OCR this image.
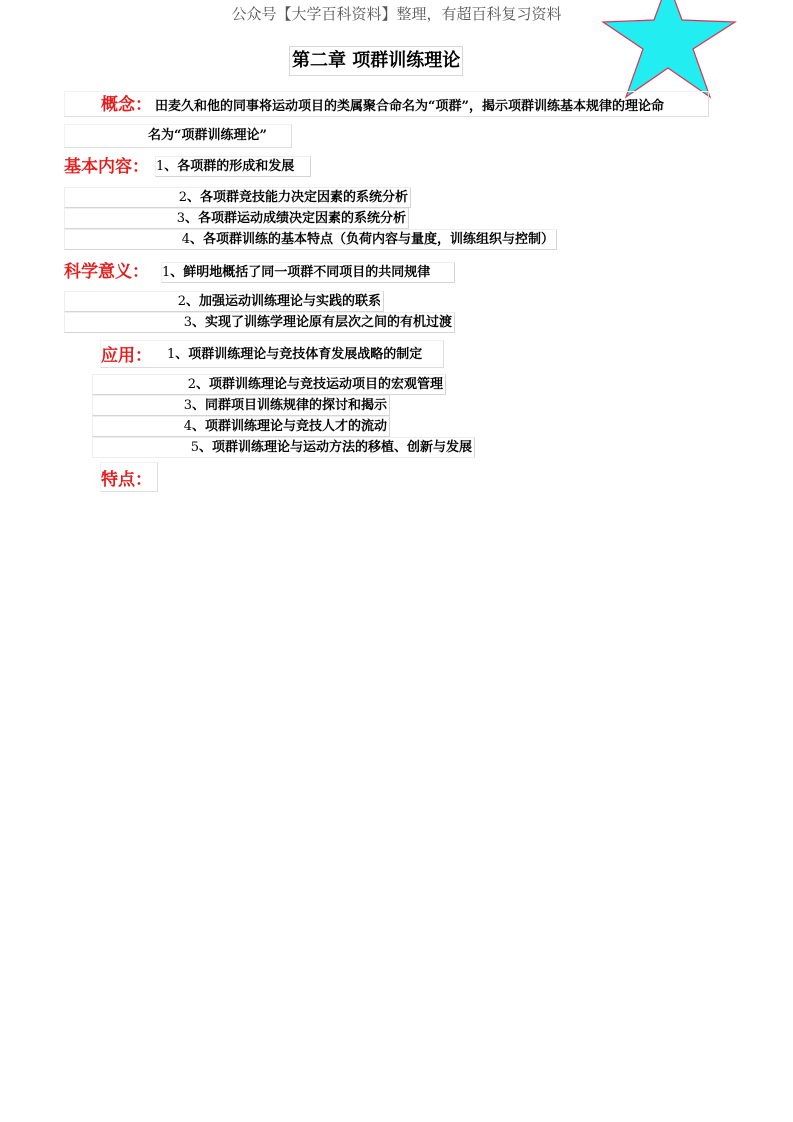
公众号【大学百科资料】整理，有超百科复习资料
第二章 项群训练理论
概念： 田麦久和他的同事将运动项目的类属聚合命名为“项群”，揭示项群训练基本规律的理论命
名为“项群训练理论”
基本内容： 1、各项群的形成和发展
2、各项群竞技能力决定因素的系统分析
3、各项群运动成绩决定因素的系统分析
4、各项群训练的基本特点（负荷内容与量度，训练组织与控制）
科学意义： 1、鲜明地概括了同一项群不同项目的共同规律
2、加强运动训练理论与实践的联系
3、实现了训练学理论原有层次之间的有机过渡
应用： 1、项群训练理论与竞技体育发展战略的制定
2、项群训练理论与竞技运动项目的宏观管理
3、同群项目训练规律的探讨和揭示
4、项群训练理论与竞技人才的流动
5、项群训练理论与运动方法的移植、创新与发展
特点：
